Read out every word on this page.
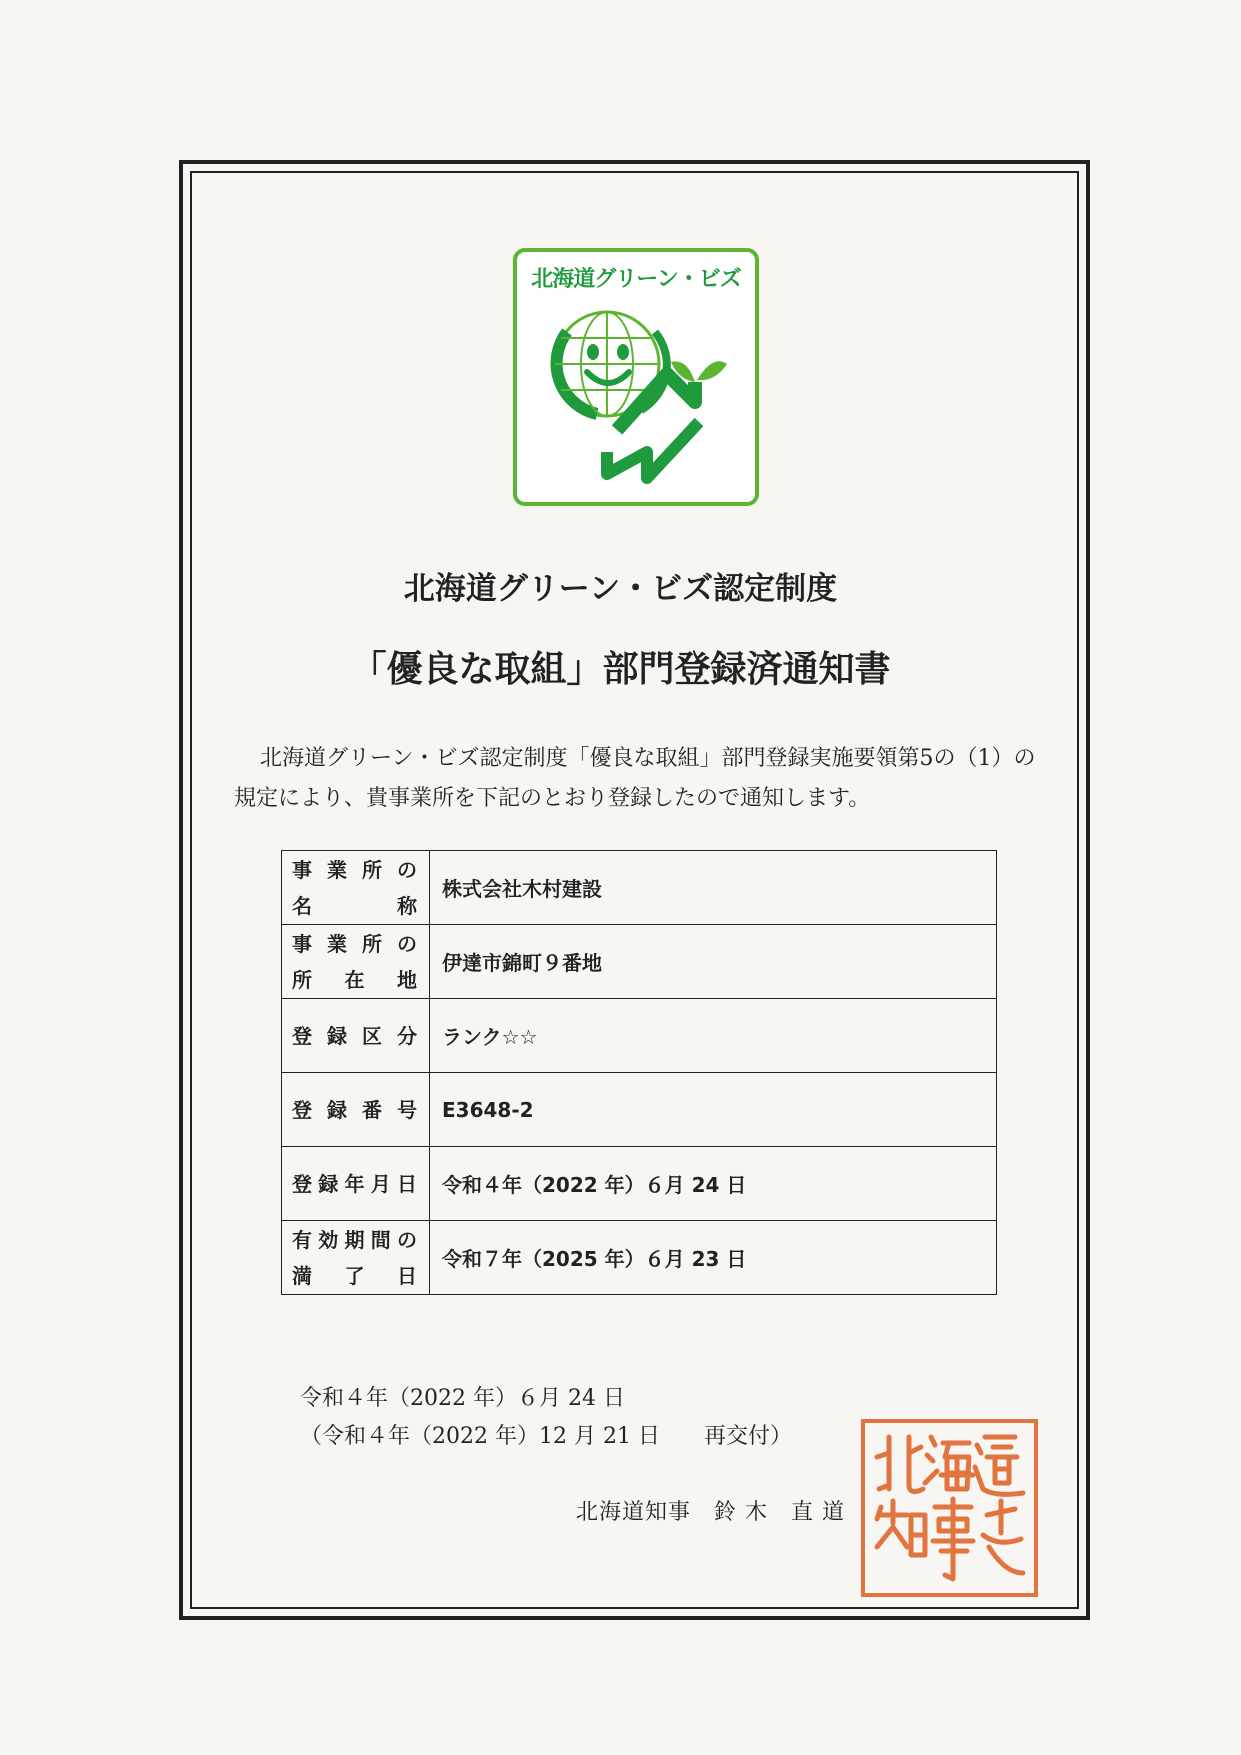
北海道グリーン・ビズ
北海道グリーン・ビズ認定制度
「優良な取組」部門登録済通知書

北海道グリーン・ビズ認定制度「優良な取組」部門登録実施要領第5の（1）の

規定により、貴事業所を下記のとおり登録したので通知します。

事業所の
名　　称	株式会社木村建設

事業所の
所在地	伊達市錦町９番地

登録区分	ランク☆☆

登録番号	E3648-2

登録年月日	令和４年（2022 年）６月 24 日

有効期間の
満了日	令和７年（2025 年）６月 23 日
令和４年（2022 年）６月 24 日
（令和４年（2022 年）12 月 21 日　　再交付）
北海道知事　鈴 木　直 道
